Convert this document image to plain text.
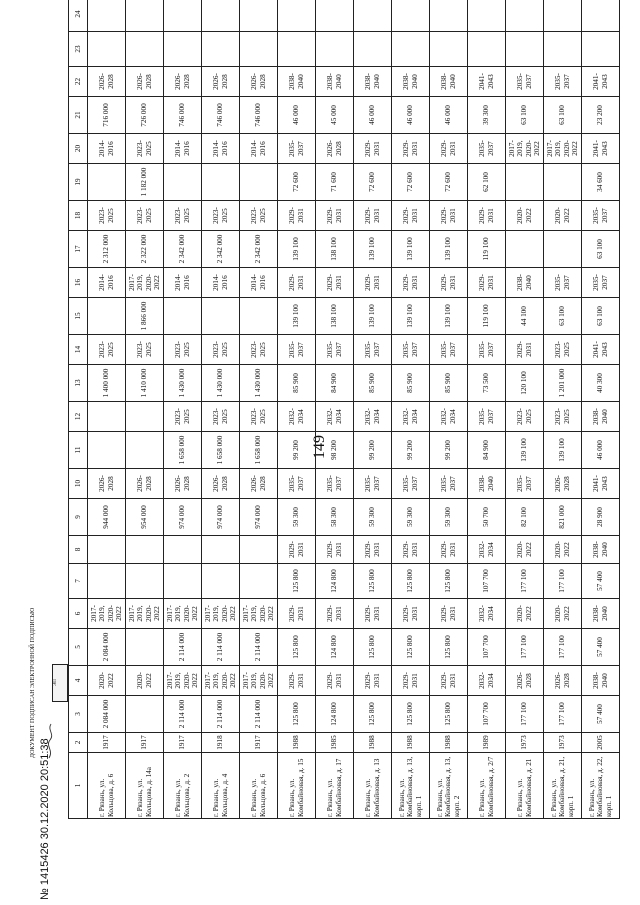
149
1	2	3	4	5	6	7	8	9	10	11	12	13	14	15	16	17	18	19	20	21	22	23	24
г. Рязань, ул. Кольцова, д. 6	1917	2 084 000	2020-2022	2 084 000	2017-2019, 2020-2022			944 000	2026-2028			1 400 000	2023-2025		2014-2016	2 312 000	2023-2025		2014-2016	716 000	2026-2028		
г. Рязань, ул. Кольцова, д. 14а	1917		2020-2022		2017-2019, 2020-2022			954 000	2026-2028			1 410 000	2023-2025	1 866 000	2017-2019, 2020-2022	2 322 000	2023-2025	1 182 000	2023-2025	726 000	2026-2028		
г. Рязань, ул. Кольцова, д. 2	1917	2 114 000	2017-2019, 2020-2022	2 114 000	2017-2019, 2020-2022			974 000	2026-2028	1 658 000	2023-2025	1 430 000	2023-2025		2014-2016	2 342 000	2023-2025		2014-2016	746 000	2026-2028		
г. Рязань, ул. Кольцова, д. 4	1918	2 114 000	2017-2019, 2020-2022	2 114 000	2017-2019, 2020-2022			974 000	2026-2028	1 658 000	2023-2025	1 430 000	2023-2025		2014-2016	2 342 000	2023-2025		2014-2016	746 000	2026-2028		
г. Рязань, ул. Кольцова, д. 6	1917	2 114 000	2017-2019, 2020-2022	2 114 000	2017-2019, 2020-2022			974 000	2026-2028	1 658 000	2023-2025	1 430 000	2023-2025		2014-2016	2 342 000	2023-2025		2014-2016	746 000	2026-2028		
г. Рязань, ул. Комбайновая, д. 15	1988	125 800	2029-2031	125 800	2029-2031	125 800	2029-2031	59 300	2035-2037	99 200	2032-2034	85 900	2035-2037	139 100	2029-2031	139 100	2029-2031	72 600	2035-2037	46 000	2038-2040		
г. Рязань, ул. Комбайновая, д. 17	1985	124 800	2029-2031	124 800	2029-2031	124 800	2029-2031	58 300	2035-2037	98 200	2032-2034	84 900	2035-2037	138 100	2029-2031	138 100	2029-2031	71 600	2026-2028	45 000	2038-2040		
г. Рязань, ул. Комбайновая, д. 13	1988	125 800	2029-2031	125 800	2029-2031	125 800	2029-2031	59 300	2035-2037	99 200	2032-2034	85 900	2035-2037	139 100	2029-2031	139 100	2029-2031	72 600	2029-2031	46 000	2038-2040		
г. Рязань, ул. Комбайновая, д. 13, корп. 1	1988	125 800	2029-2031	125 800	2029-2031	125 800	2029-2031	59 300	2035-2037	99 200	2032-2034	85 900	2035-2037	139 100	2029-2031	139 100	2029-2031	72 600	2029-2031	46 000	2038-2040		
г. Рязань, ул. Комбайновая, д. 13, корп. 2	1988	125 800	2029-2031	125 800	2029-2031	125 800	2029-2031	59 300	2035-2037	99 200	2032-2034	85 900	2035-2037	139 100	2029-2031	139 100	2029-2031	72 600	2029-2031	46 000	2038-2040		
г. Рязань, ул. Комбайновая, д. 2/7	1989	107 700	2032-2034	107 700	2032-2034	107 700	2032-2034	50 700	2038-2040	84 900	2035-2037	73 500	2035-2037	119 100	2029-2031	119 100	2029-2031	62 100	2035-2037	39 300	2041-2043		
г. Рязань, ул. Комбайновая, д. 21	1973	177 100	2026-2028	177 100	2020-2022	177 100	2020-2022	82 100	2035-2037	139 100	2023-2025	120 100	2029-2031	44 100	2038-2040		2020-2022		2017-2019, 2020-2022	63 100	2035-2037		
г. Рязань, ул. Комбайновая, д. 21, корп. 1	1973	177 100	2026-2028	177 100	2020-2022	177 100	2020-2022	821 000	2026-2028	139 100	2023-2025	1 201 000	2023-2025	63 100	2035-2037		2020-2022		2017-2019, 2020-2022	63 100	2035-2037		
г. Рязань, ул. Комбайновая, д. 22, корп. 1	2005	57 400	2038-2040	57 400	2038-2040	57 400	2038-2040	28 900	2041-2043	46 000	2038-2040	40 300	2041-2043	63 100	2035-2037	63 100	2035-2037	34 600	2041-2043	23 200	2041-2043		
ЭП
ДОКУМЕНТ ПОДПИСАН ЭЛЕКТРОННОЙ ПОДПИСЬЮ
№ 1415426 30.12.2020 20:51:38
